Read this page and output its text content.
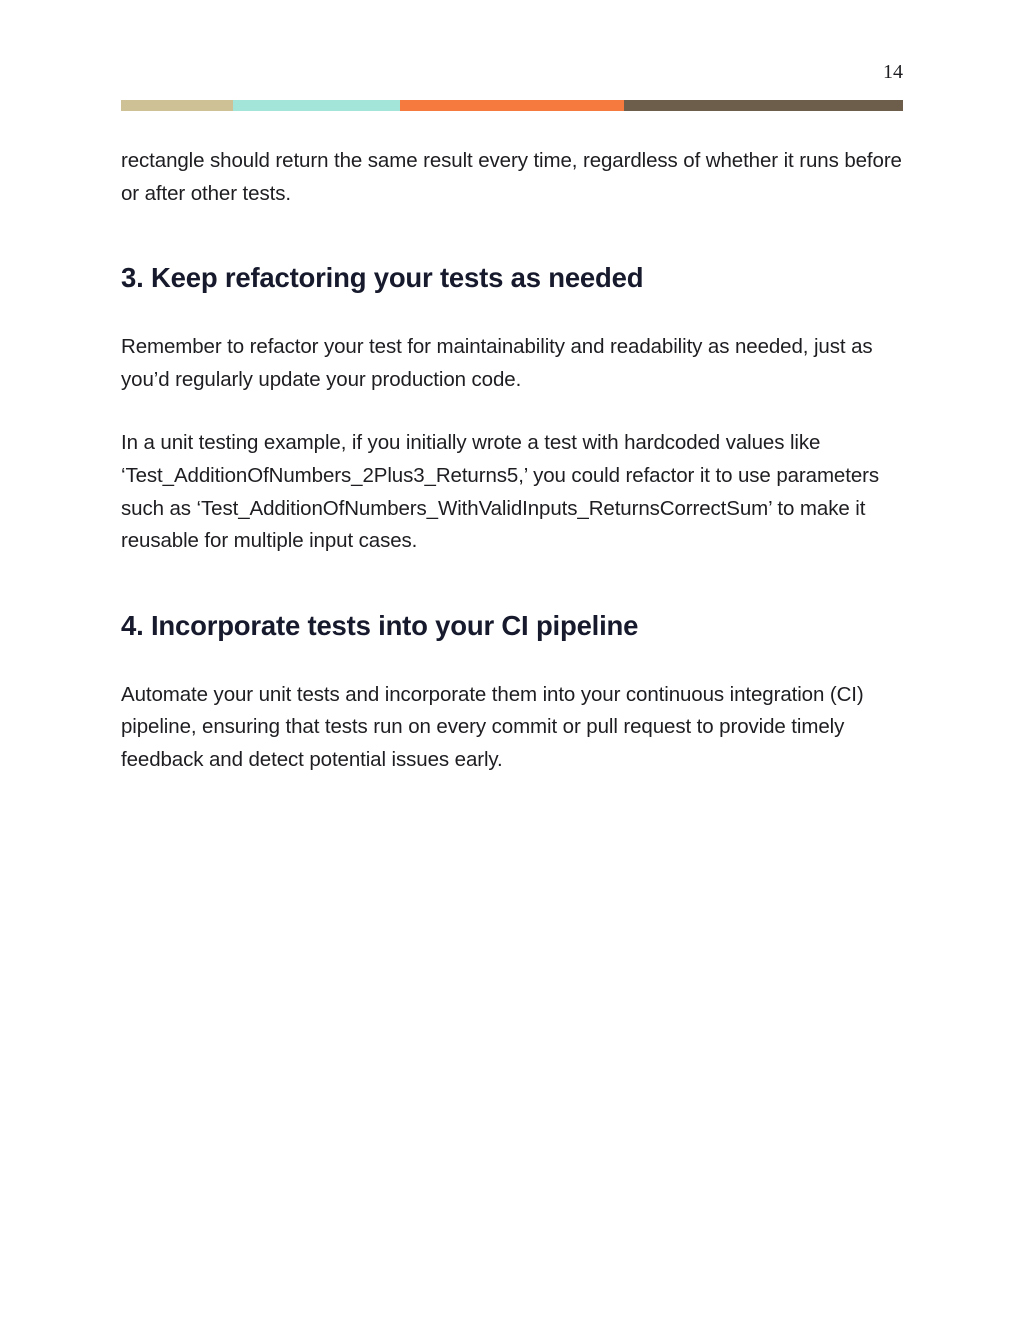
14

rectangle should return the same result every time, regardless of whether it runs before or after other tests.

3. Keep refactoring your tests as needed

Remember to refactor your test for maintainability and readability as needed, just as you’d regularly update your production code.

In a unit testing example, if you initially wrote a test with hardcoded values like ‘Test_AdditionOfNumbers_2Plus3_Returns5,’ you could refactor it to use parameters such as ‘Test_AdditionOfNumbers_WithValidInputs_ReturnsCorrectSum’ to make it reusable for multiple input cases.

4. Incorporate tests into your CI pipeline

Automate your unit tests and incorporate them into your continuous integration (CI) pipeline, ensuring that tests run on every commit or pull request to provide timely feedback and detect potential issues early.
